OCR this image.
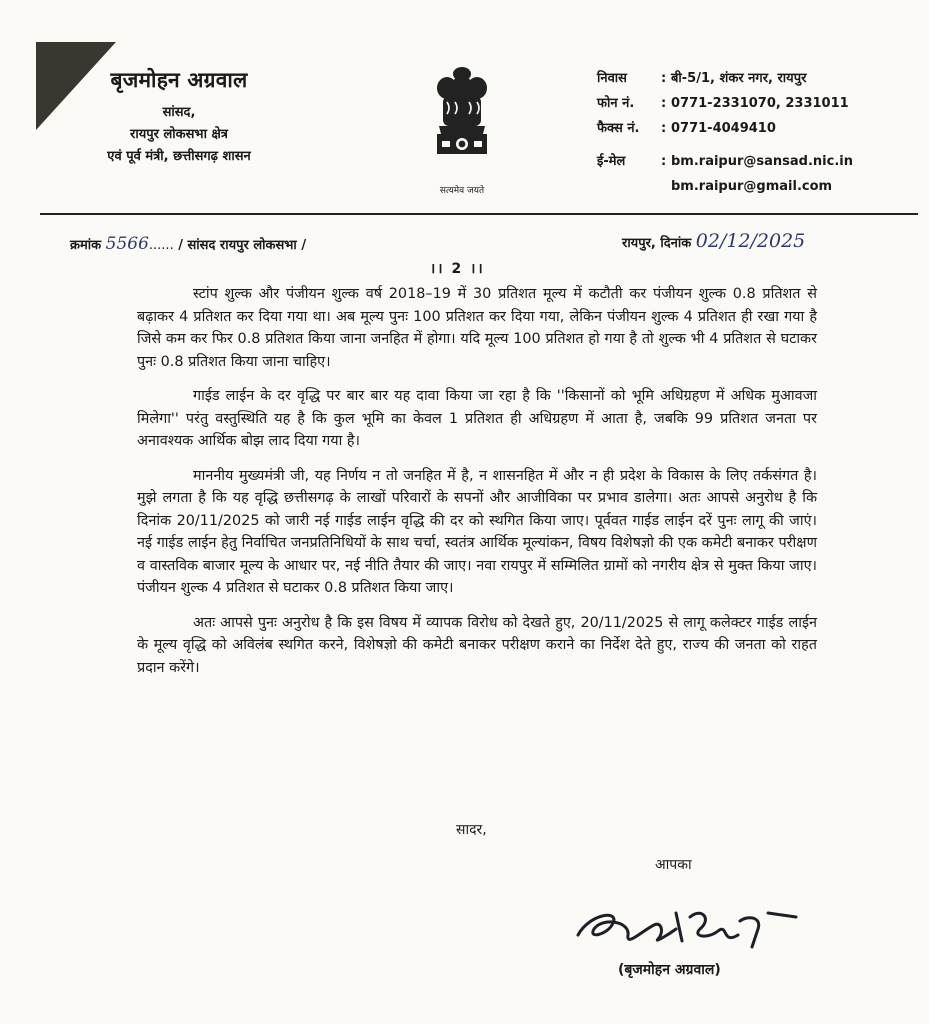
बृजमोहन अग्रवाल
सांसद,
रायपुर लोकसभा क्षेत्र
एवं पूर्व मंत्री, छत्तीसगढ़ शासन
सत्यमेव जयते
निवास	: बी-5/1, शंकर नगर, रायपुर
फोन नं.	: 0771-2331070, 2331011
फैक्स नं.	: 0771-4049410
ई-मेल	: bm.raipur@sansad.nic.in
bm.raipur@gmail.com
क्रमांक 5566...... / सांसद रायपुर लोकसभा /	रायपुर, दिनांक 02/12/2025
।। 2 ।।

स्टांप शुल्क और पंजीयन शुल्क वर्ष 2018–19 में 30 प्रतिशत मूल्य में कटौती कर पंजीयन शुल्क 0.8 प्रतिशत से बढ़ाकर 4 प्रतिशत कर दिया गया था। अब मूल्य पुनः 100 प्रतिशत कर दिया गया, लेकिन पंजीयन शुल्क 4 प्रतिशत ही रखा गया है जिसे कम कर फिर 0.8 प्रतिशत किया जाना जनहित में होगा। यदि मूल्य 100 प्रतिशत हो गया है तो शुल्क भी 4 प्रतिशत से घटाकर पुनः 0.8 प्रतिशत किया जाना चाहिए।

गाईड लाईन के दर वृद्धि पर बार बार यह दावा किया जा रहा है कि ''किसानों को भूमि अधिग्रहण में अधिक मुआवजा मिलेगा'' परंतु वस्तुस्थिति यह है कि कुल भूमि का केवल 1 प्रतिशत ही अधिग्रहण में आता है, जबकि 99 प्रतिशत जनता पर अनावश्यक आर्थिक बोझ लाद दिया गया है।

माननीय मुख्यमंत्री जी, यह निर्णय न तो जनहित में है, न शासनहित में और न ही प्रदेश के विकास के लिए तर्कसंगत है। मुझे लगता है कि यह वृद्धि छत्तीसगढ़ के लाखों परिवारों के सपनों और आजीविका पर प्रभाव डालेगा। अतः आपसे अनुरोध है कि दिनांक 20/11/2025 को जारी नई गाईड लाईन वृद्धि की दर को स्थगित किया जाए। पूर्ववत गाईड लाईन दरें पुनः लागू की जाएं। नई गाईड लाईन हेतु निर्वाचित जनप्रतिनिधियों के साथ चर्चा, स्वतंत्र आर्थिक मूल्यांकन, विषय विशेषज्ञो की एक कमेटी बनाकर परीक्षण व वास्तविक बाजार मूल्य के आधार पर, नई नीति तैयार की जाए। नवा रायपुर में सम्मिलित ग्रामों को नगरीय क्षेत्र से मुक्त किया जाए। पंजीयन शुल्क 4 प्रतिशत से घटाकर 0.8 प्रतिशत किया जाए।

अतः आपसे पुनः अनुरोध है कि इस विषय में व्यापक विरोध को देखते हुए, 20/11/2025 से लागू कलेक्टर गाईड लाईन के मूल्य वृद्धि को अविलंब स्थगित करने, विशेषज्ञो की कमेटी बनाकर परीक्षण कराने का निर्देश देते हुए, राज्य की जनता को राहत प्रदान करेंगे।

सादर,
आपका
(बृजमोहन अग्रवाल)
